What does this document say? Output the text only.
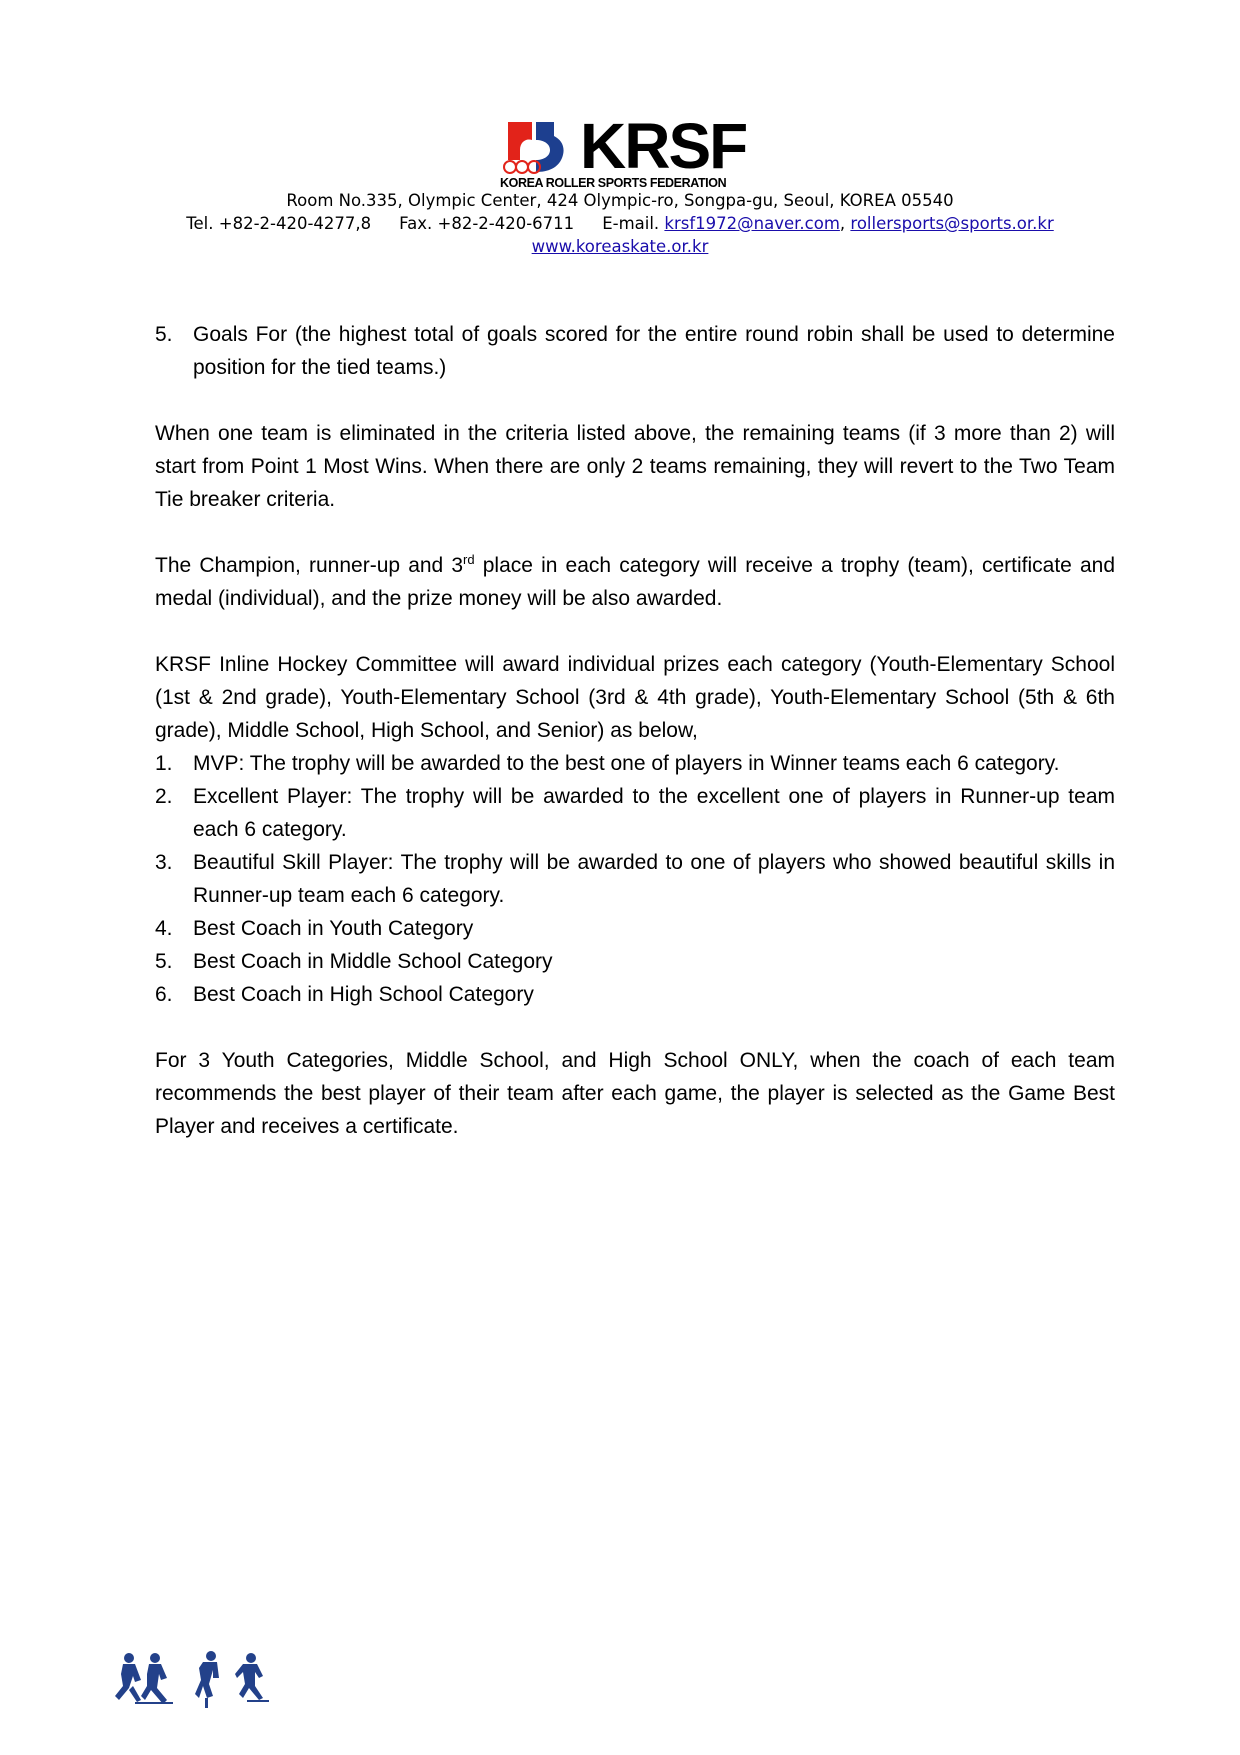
KRSF
KOREA ROLLER SPORTS FEDERATION
Room No.335, Olympic Center, 424 Olympic-ro, Songpa-gu, Seoul, KOREA 05540
Tel. +82-2-420-4277,8 Fax. +82-2-420-6711 E-mail. krsf1972@naver.com, rollersports@sports.or.kr
www.koreaskate.or.kr
5. Goals For (the highest total of goals scored for the entire round robin shall be used to determine position for the tied teams.)

When one team is eliminated in the criteria listed above, the remaining teams (if 3 more than 2) will start from Point 1 Most Wins. When there are only 2 teams remaining, they will revert to the Two Team Tie breaker criteria.

The Champion, runner-up and 3rd place in each category will receive a trophy (team), certificate and medal (individual), and the prize money will be also awarded.

KRSF Inline Hockey Committee will award individual prizes each category (Youth-Elementary School (1st & 2nd grade), Youth-Elementary School (3rd & 4th grade), Youth-Elementary School (5th & 6th grade), Middle School, High School, and Senior) as below,

1. MVP: The trophy will be awarded to the best one of players in Winner teams each 6 category.
2. Excellent Player: The trophy will be awarded to the excellent one of players in Runner-up team each 6 category.
3. Beautiful Skill Player: The trophy will be awarded to one of players who showed beautiful skills in Runner-up team each 6 category.
4. Best Coach in Youth Category
5. Best Coach in Middle School Category
6. Best Coach in High School Category

For 3 Youth Categories, Middle School, and High School ONLY, when the coach of each team recommends the best player of their team after each game, the player is selected as the Game Best Player and receives a certificate.
